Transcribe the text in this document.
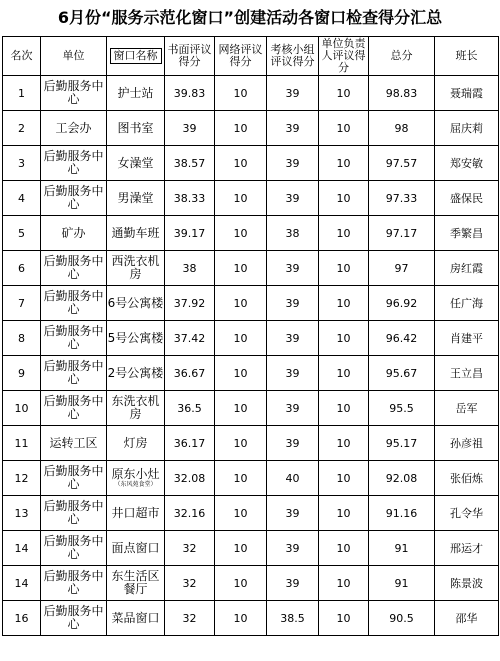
6月份“服务示范化窗口”创建活动各窗口检查得分汇总
名次	单位	窗口名称	书面评议得分	网络评议得分	考核小组评议得分	单位负责人评议得分	总分	班长
1	后勤服务中心	护士站	39.83	10	39	10	98.83	聂瑞霞
2	工会办	图书室	39	10	39	10	98	屈庆莉
3	后勤服务中心	女澡堂	38.57	10	39	10	97.57	郑安敏
4	后勤服务中心	男澡堂	38.33	10	39	10	97.33	盛保民
5	矿办	通勤车班	39.17	10	38	10	97.17	季繁昌
6	后勤服务中心	西洗衣机房	38	10	39	10	97	房红霞
7	后勤服务中心	6号公寓楼	37.92	10	39	10	96.92	任广海
8	后勤服务中心	5号公寓楼	37.42	10	39	10	96.42	肖建平
9	后勤服务中心	2号公寓楼	36.67	10	39	10	95.67	王立昌
10	后勤服务中心	东洗衣机房	36.5	10	39	10	95.5	岳军
11	运转工区	灯房	36.17	10	39	10	95.17	孙彦祖
12	后勤服务中心	原东小灶
（东风苑食堂）	32.08	10	40	10	92.08	张佰炼
13	后勤服务中心	井口超市	32.16	10	39	10	91.16	孔令华
14	后勤服务中心	面点窗口	32	10	39	10	91	邢运才
14	后勤服务中心	东生活区餐厅	32	10	39	10	91	陈景波
16	后勤服务中心	菜品窗口	32	10	38.5	10	90.5	邵华
